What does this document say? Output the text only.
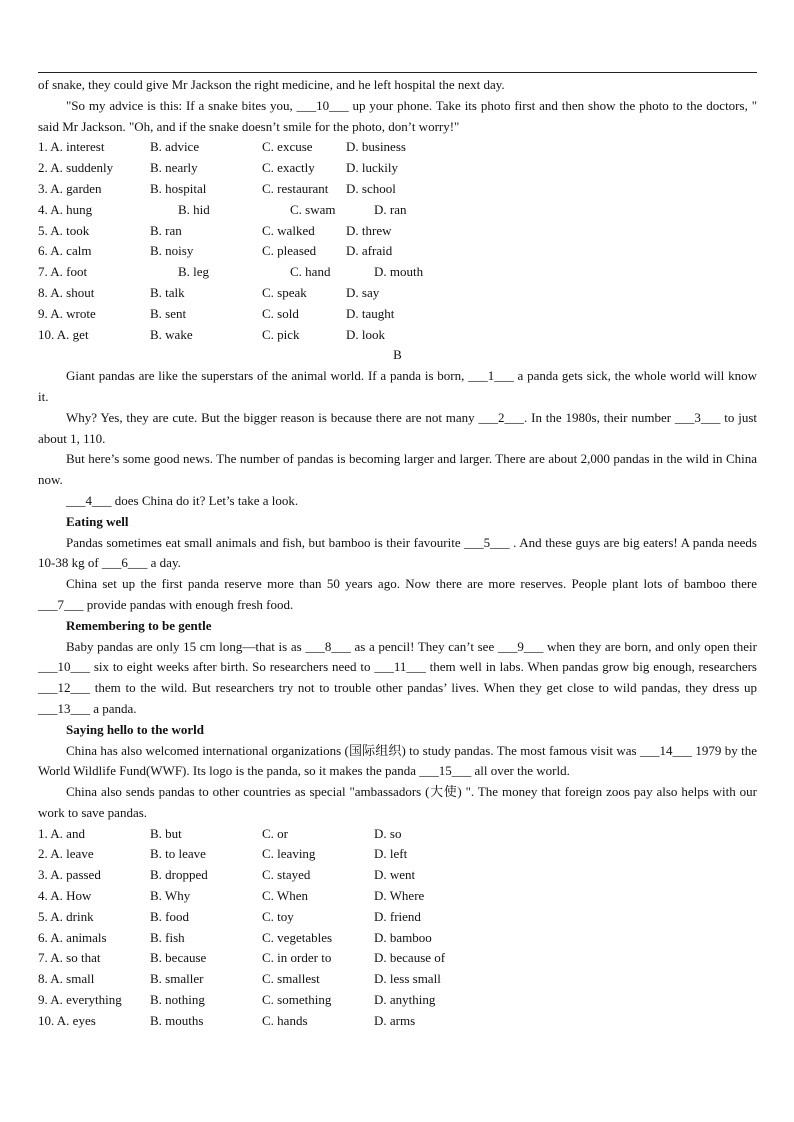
of snake, they could give Mr Jackson the right medicine, and he left hospital the next day.

"So my advice is this: If a snake bites you, ___10___ up your phone. Take its photo first and then show the photo to the doctors, " said Mr Jackson. "Oh, and if the snake doesn’t smile for the photo, don’t worry!"

1. A. interest	B. advice	C. excuse	D. business
2. A. suddenly	B. nearly	C. exactly D. luckily
3. A. garden	B. hospital	C. restaurant D. school
4. A. hung	B. hid	C. swam	D. ran
5. A. took	B. ran	C. walked D. threw
6. A. calm	B. noisy	C. pleased D. afraid
7. A. foot	B. leg	C. hand	D. mouth
8. A. shout	B. talk	C. speak	D. say
9. A. wrote	B. sent	C. sold	D. taught
10. A. get	B. wake	C. pick	D. look

B

Giant pandas are like the superstars of the animal world. If a panda is born, ___1___ a panda gets sick, the whole world will know it.

Why? Yes, they are cute. But the bigger reason is because there are not many ___2___. In the 1980s, their number ___3___ to just about 1, 110.

But here’s some good news. The number of pandas is becoming larger and larger. There are about 2,000 pandas in the wild in China now.

___4___ does China do it? Let’s take a look.

Eating well

Pandas sometimes eat small animals and fish, but bamboo is their favourite ___5___ . And these guys are big eaters! A panda needs 10-38 kg of ___6___ a day.

China set up the first panda reserve more than 50 years ago. Now there are more reserves. People plant lots of bamboo there ___7___ provide pandas with enough fresh food.

Remembering to be gentle

Baby pandas are only 15 cm long—that is as ___8___ as a pencil! They can’t see ___9___ when they are born, and only open their ___10___ six to eight weeks after birth. So researchers need to ___11___ them well in labs. When pandas grow big enough, researchers ___12___ them to the wild. But researchers try not to trouble other pandas’ lives. When they get close to wild pandas, they dress up ___13___ a panda.

Saying hello to the world

China has also welcomed international organizations (国际组织) to study pandas. The most famous visit was ___14___ 1979 by the World Wildlife Fund(WWF). Its logo is the panda, so it makes the panda ___15___ all over the world.

China also sends pandas to other countries as special "ambassadors (大使) ". The money that foreign zoos pay also helps with our work to save pandas.

1. A. and	B. but	C. or	D. so
2. A. leave	B. to leave	C. leaving	D. left
3. A. passed	B. dropped	C. stayed	D. went
4. A. How	B. Why	C. When	D. Where
5. A. drink	B. food	C. toy	D. friend
6. A. animals	B. fish	C. vegetables	D. bamboo
7. A. so that	B. because	C. in order to	D. because of
8. A. small	B. smaller	C. smallest	D. less small
9. A. everything B. nothing	C. something	D. anything
10. A. eyes	B. mouths	C. hands	D. arms
